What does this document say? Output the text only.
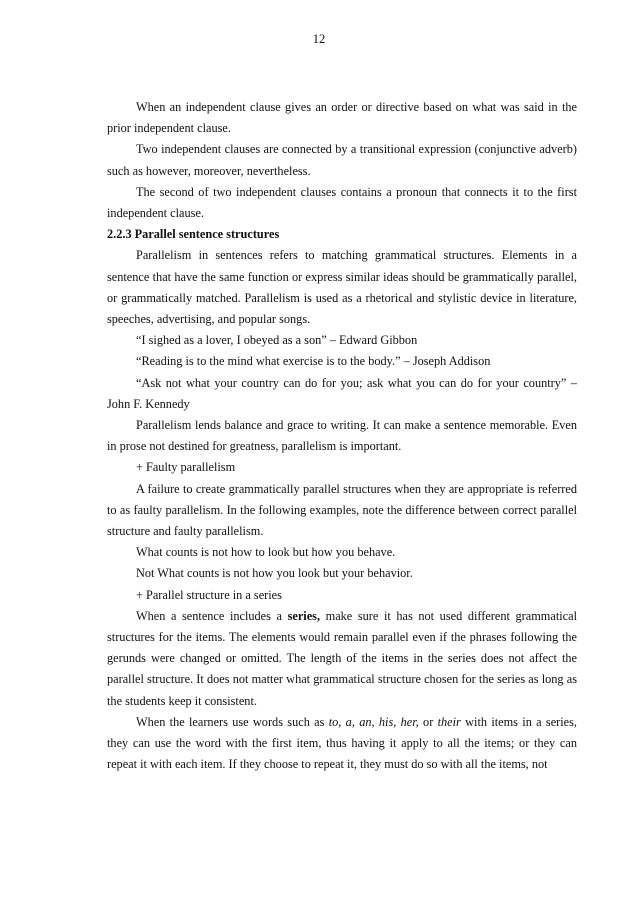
12

When an independent clause gives an order or directive based on what was said in the prior independent clause.

Two independent clauses are connected by a transitional expression (conjunctive adverb) such as however, moreover, nevertheless.

The second of two independent clauses contains a pronoun that connects it to the first independent clause.

2.2.3 Parallel sentence structures

Parallelism in sentences refers to matching grammatical structures. Elements in a sentence that have the same function or express similar ideas should be grammatically parallel, or grammatically matched. Parallelism is used as a rhetorical and stylistic device in literature, speeches, advertising, and popular songs.

“I sighed as a lover, I obeyed as a son” – Edward Gibbon

“Reading is to the mind what exercise is to the body.” – Joseph Addison

“Ask not what your country can do for you; ask what you can do for your country” – John F. Kennedy

Parallelism lends balance and grace to writing. It can make a sentence memorable. Even in prose not destined for greatness, parallelism is important.

+ Faulty parallelism

A failure to create grammatically parallel structures when they are appropriate is referred to as faulty parallelism. In the following examples, note the difference between correct parallel structure and faulty parallelism.

What counts is not how to look but how you behave.

Not What counts is not how you look but your behavior.

+ Parallel structure in a series

When a sentence includes a series, make sure it has not used different grammatical structures for the items. The elements would remain parallel even if the phrases following the gerunds were changed or omitted. The length of the items in the series does not affect the parallel structure. It does not matter what grammatical structure chosen for the series as long as the students keep it consistent.

When the learners use words such as to, a, an, his, her, or their with items in a series, they can use the word with the first item, thus having it apply to all the items; or they can repeat it with each item. If they choose to repeat it, they must do so with all the items, not
